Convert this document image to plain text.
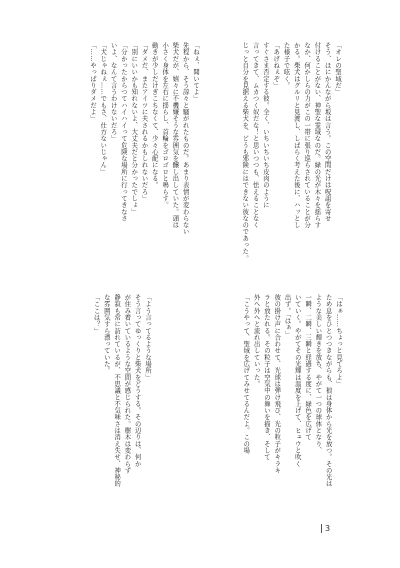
「オレの聖域だ」
そう、ほにかんながら坂は言う。この空間だけは呪詛を寄せ
付けることがない、神聖な霊域なのだ。緑の光が木々を揺らす
なか、何かしらの力がこの一帯に張り巡らされていることが分
かる。柴犬はグルリと見渡し、しばらく考えた後に、ハッとし
た様子で呟く。
「あげねぇぞ」
すぐさま否定する彼。全く、いちいちいち皮肉のように
言ってきて、ムカつく奴だな！と思いつつも、怯えることなく
じっと自分を見据える柴犬を、どうも邪険にはできない彼なのであった。
「ねぇ、聞いてよ」
先程から、そう諄々と騒がれたものだ。あまり表情が変わらない
柴犬だが、嬉々に不機嫌そうな雰囲気を醸し出していた。頭は
小さく身体を左右に揺らし、首輪をゴロゴロと鳴らす。
動きが少しだけぎこちなくて、少々心配になる。
「ダメだ、またアイツに夫されるかもしれないだろ」
「別にいいかも知れないよ、大丈夫だと分かったでしょ」
「分かったからつてハイハイって危険な場所に行ってきなさ
いよ、なんて言うわけないだろ」
「犬じゃねぇ……でもさ、仕方ないじゃん」
「……やっぱりダメだよ」
「はぁ……ちょっと見てろよ」
ため息をひとつつきながらも、狼は身体から光を放つ。その光は
ような美しい輝きを放ち、やがて一つの球体となり、
一瞬、二瞬、三瞬と経過する度に、緑色を広げて
いていく。やがてその光輝は温度を上げて、ヒュウと吹く
出ず。「はぁ」
彼の掛け声に合わせて、光球は弾け飛び、光の粒子がキラキ
ラと放たれる。その粒子は空気中の舞いを描き、そして
外へ外へと流れ出していった。
「こうやって、聖域を広げてみせてるんだよ。この場
「よう言ってるような場所」
そう言ってゆっくりと柴犬をどうする。その辺りは、何か
が住み着いているような空間が感じられた。樹木は変わらず
静寂も常に訪れているが、不思議と不気味さは消え失せ、神秘的
な雰囲気すら漂っていた。
「ここは？」
3
